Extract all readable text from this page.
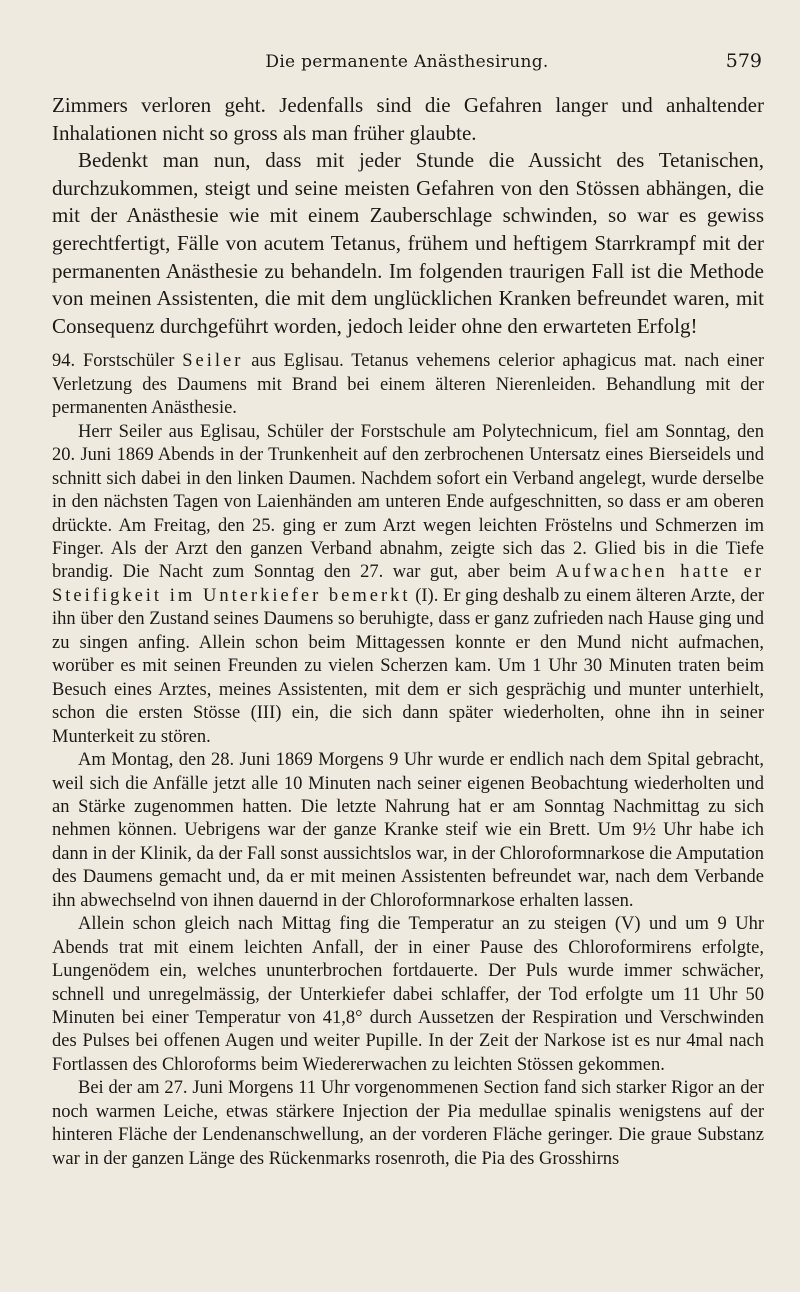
Die permanente Anästhesirung.	579

Zimmers verloren geht. Jedenfalls sind die Gefahren langer und anhaltender Inhalationen nicht so gross als man früher glaubte.

Bedenkt man nun, dass mit jeder Stunde die Aussicht des Tetanischen, durchzukommen, steigt und seine meisten Gefahren von den Stössen abhängen, die mit der Anästhesie wie mit einem Zauberschlage schwinden, so war es gewiss gerechtfertigt, Fälle von acutem Tetanus, frühem und heftigem Starrkrampf mit der permanenten Anästhesie zu behandeln. Im folgenden traurigen Fall ist die Methode von meinen Assistenten, die mit dem unglücklichen Kranken befreundet waren, mit Consequenz durchgeführt worden, jedoch leider ohne den erwarteten Erfolg!

94. Forstschüler Seiler aus Eglisau. Tetanus vehemens celerior aphagicus mat. nach einer Verletzung des Daumens mit Brand bei einem älteren Nierenleiden. Behandlung mit der permanenten Anästhesie.

Herr Seiler aus Eglisau, Schüler der Forstschule am Polytechnicum, fiel am Sonntag, den 20. Juni 1869 Abends in der Trunkenheit auf den zerbrochenen Untersatz eines Bierseidels und schnitt sich dabei in den linken Daumen. Nachdem sofort ein Verband angelegt, wurde derselbe in den nächsten Tagen von Laienhänden am unteren Ende aufgeschnitten, so dass er am oberen drückte. Am Freitag, den 25. ging er zum Arzt wegen leichten Fröstelns und Schmerzen im Finger. Als der Arzt den ganzen Verband abnahm, zeigte sich das 2. Glied bis in die Tiefe brandig. Die Nacht zum Sonntag den 27. war gut, aber beim Aufwachen hatte er Steifigkeit im Unterkiefer bemerkt (I). Er ging deshalb zu einem älteren Arzte, der ihn über den Zustand seines Daumens so beruhigte, dass er ganz zufrieden nach Hause ging und zu singen anfing. Allein schon beim Mittagessen konnte er den Mund nicht aufmachen, worüber es mit seinen Freunden zu vielen Scherzen kam. Um 1 Uhr 30 Minuten traten beim Besuch eines Arztes, meines Assistenten, mit dem er sich gesprächig und munter unterhielt, schon die ersten Stösse (III) ein, die sich dann später wiederholten, ohne ihn in seiner Munterkeit zu stören.

Am Montag, den 28. Juni 1869 Morgens 9 Uhr wurde er endlich nach dem Spital gebracht, weil sich die Anfälle jetzt alle 10 Minuten nach seiner eigenen Beobachtung wiederholten und an Stärke zugenommen hatten. Die letzte Nahrung hat er am Sonntag Nachmittag zu sich nehmen können. Uebrigens war der ganze Kranke steif wie ein Brett. Um 9½ Uhr habe ich dann in der Klinik, da der Fall sonst aussichtslos war, in der Chloroformnarkose die Amputation des Daumens gemacht und, da er mit meinen Assistenten befreundet war, nach dem Verbande ihn abwechselnd von ihnen dauernd in der Chloroformnarkose erhalten lassen.

Allein schon gleich nach Mittag fing die Temperatur an zu steigen (V) und um 9 Uhr Abends trat mit einem leichten Anfall, der in einer Pause des Chloroformirens erfolgte, Lungenödem ein, welches ununterbrochen fortdauerte. Der Puls wurde immer schwächer, schnell und unregelmässig, der Unterkiefer dabei schlaffer, der Tod erfolgte um 11 Uhr 50 Minuten bei einer Temperatur von 41,8° durch Aussetzen der Respiration und Verschwinden des Pulses bei offenen Augen und weiter Pupille. In der Zeit der Narkose ist es nur 4mal nach Fortlassen des Chloroforms beim Wiedererwachen zu leichten Stössen gekommen.

Bei der am 27. Juni Morgens 11 Uhr vorgenommenen Section fand sich starker Rigor an der noch warmen Leiche, etwas stärkere Injection der Pia medullae spinalis wenigstens auf der hinteren Fläche der Lendenanschwellung, an der vorderen Fläche geringer. Die graue Substanz war in der ganzen Länge des Rückenmarks rosenroth, die Pia des Grosshirns
